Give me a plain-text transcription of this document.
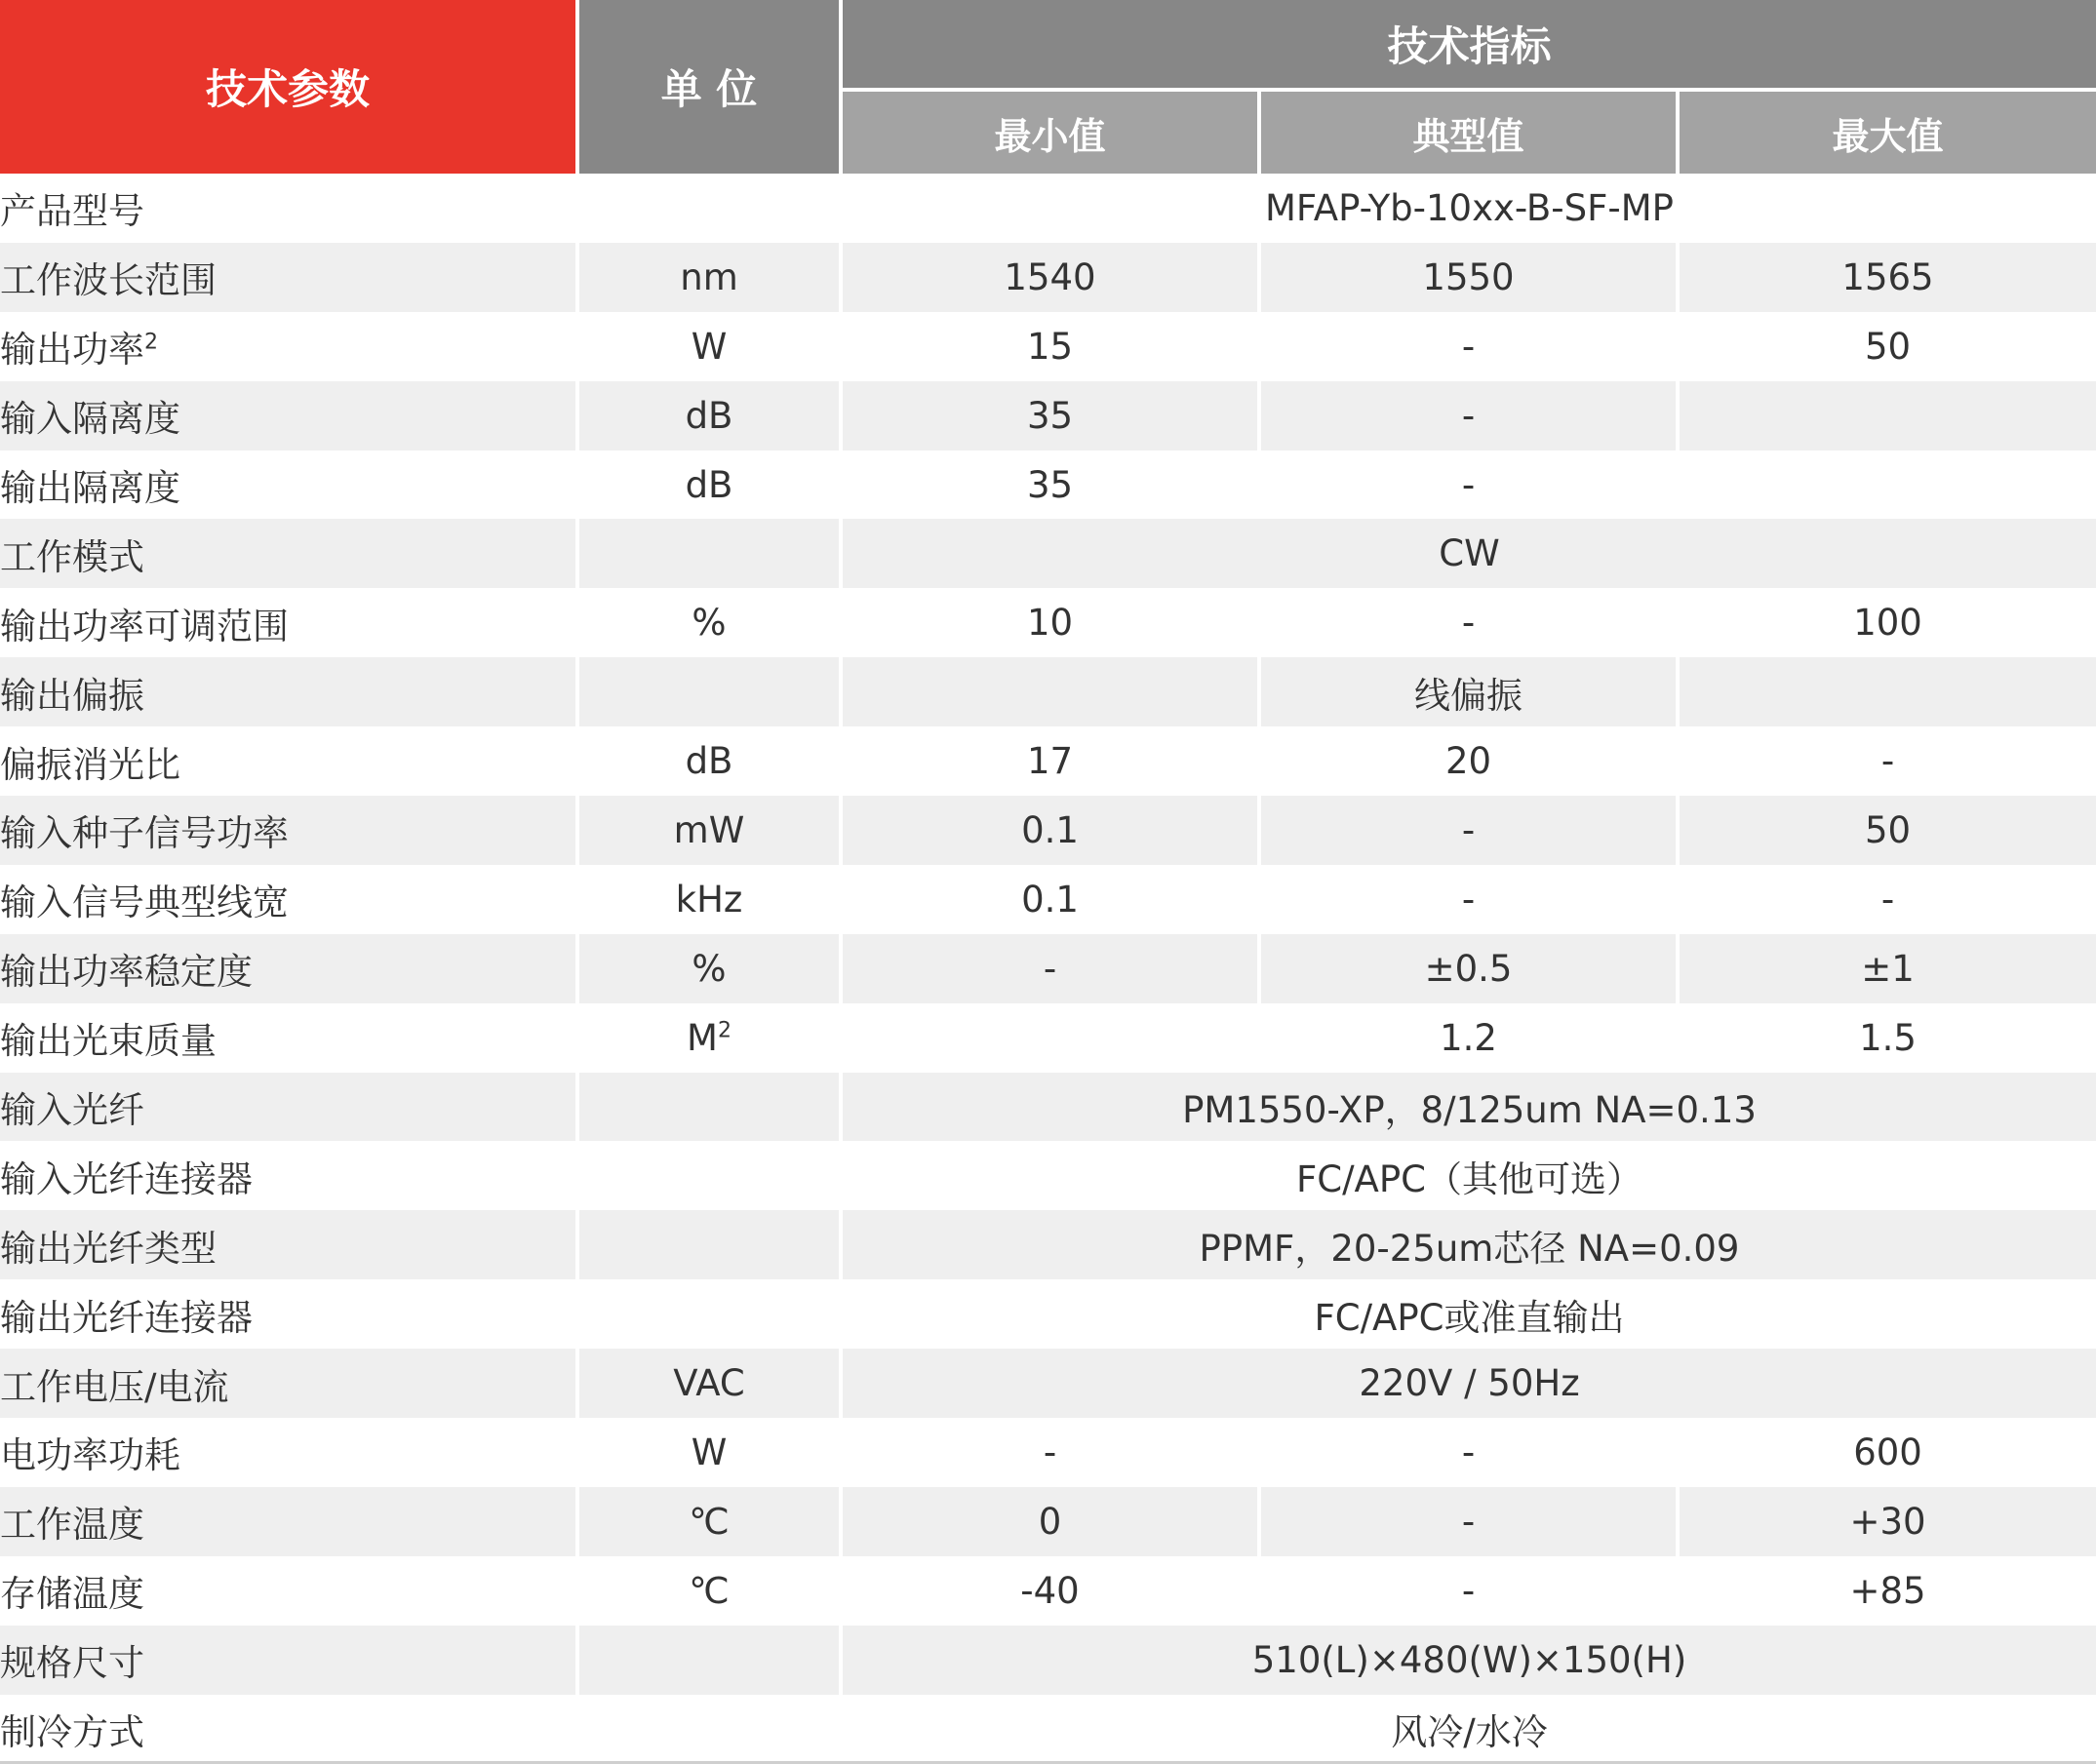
技术参数	单 位	技术指标		
		最小值	典型值	最大值
产品型号		MFAP-Yb-10xx-B-SF-MP		
工作波长范围	nm	1540	1550	1565
输出功率$^2$	W	15	-	50
输入隔离度	dB	35	-	
输出隔离度	dB	35	-	
工作模式		CW		
输出功率可调范围	%	10	-	100
输出偏振			线偏振	
偏振消光比	dB	17	20	-
输入种子信号功率	mW	0.1	-	50
输入信号典型线宽	kHz	0.1	-	-
输出功率稳定度	%	-	±0.5	±1
输出光束质量	$M^2$		1.2	1.5
输入光纤		PM1550-XP，8/125um NA=0.13		
输入光纤连接器		FC/APC（其他可选）		
输出光纤类型		PPMF，20-25um芯径 NA=0.09		
输出光纤连接器		FC/APC或准直输出		
工作电压/电流	VAC	220V / 50Hz		
电功率功耗	W	-	-	600
工作温度	℃	0	-	+30
存储温度	℃	-40	-	+85
规格尺寸		510(L)×480(W)×150(H)		
制冷方式		风冷/水冷		
